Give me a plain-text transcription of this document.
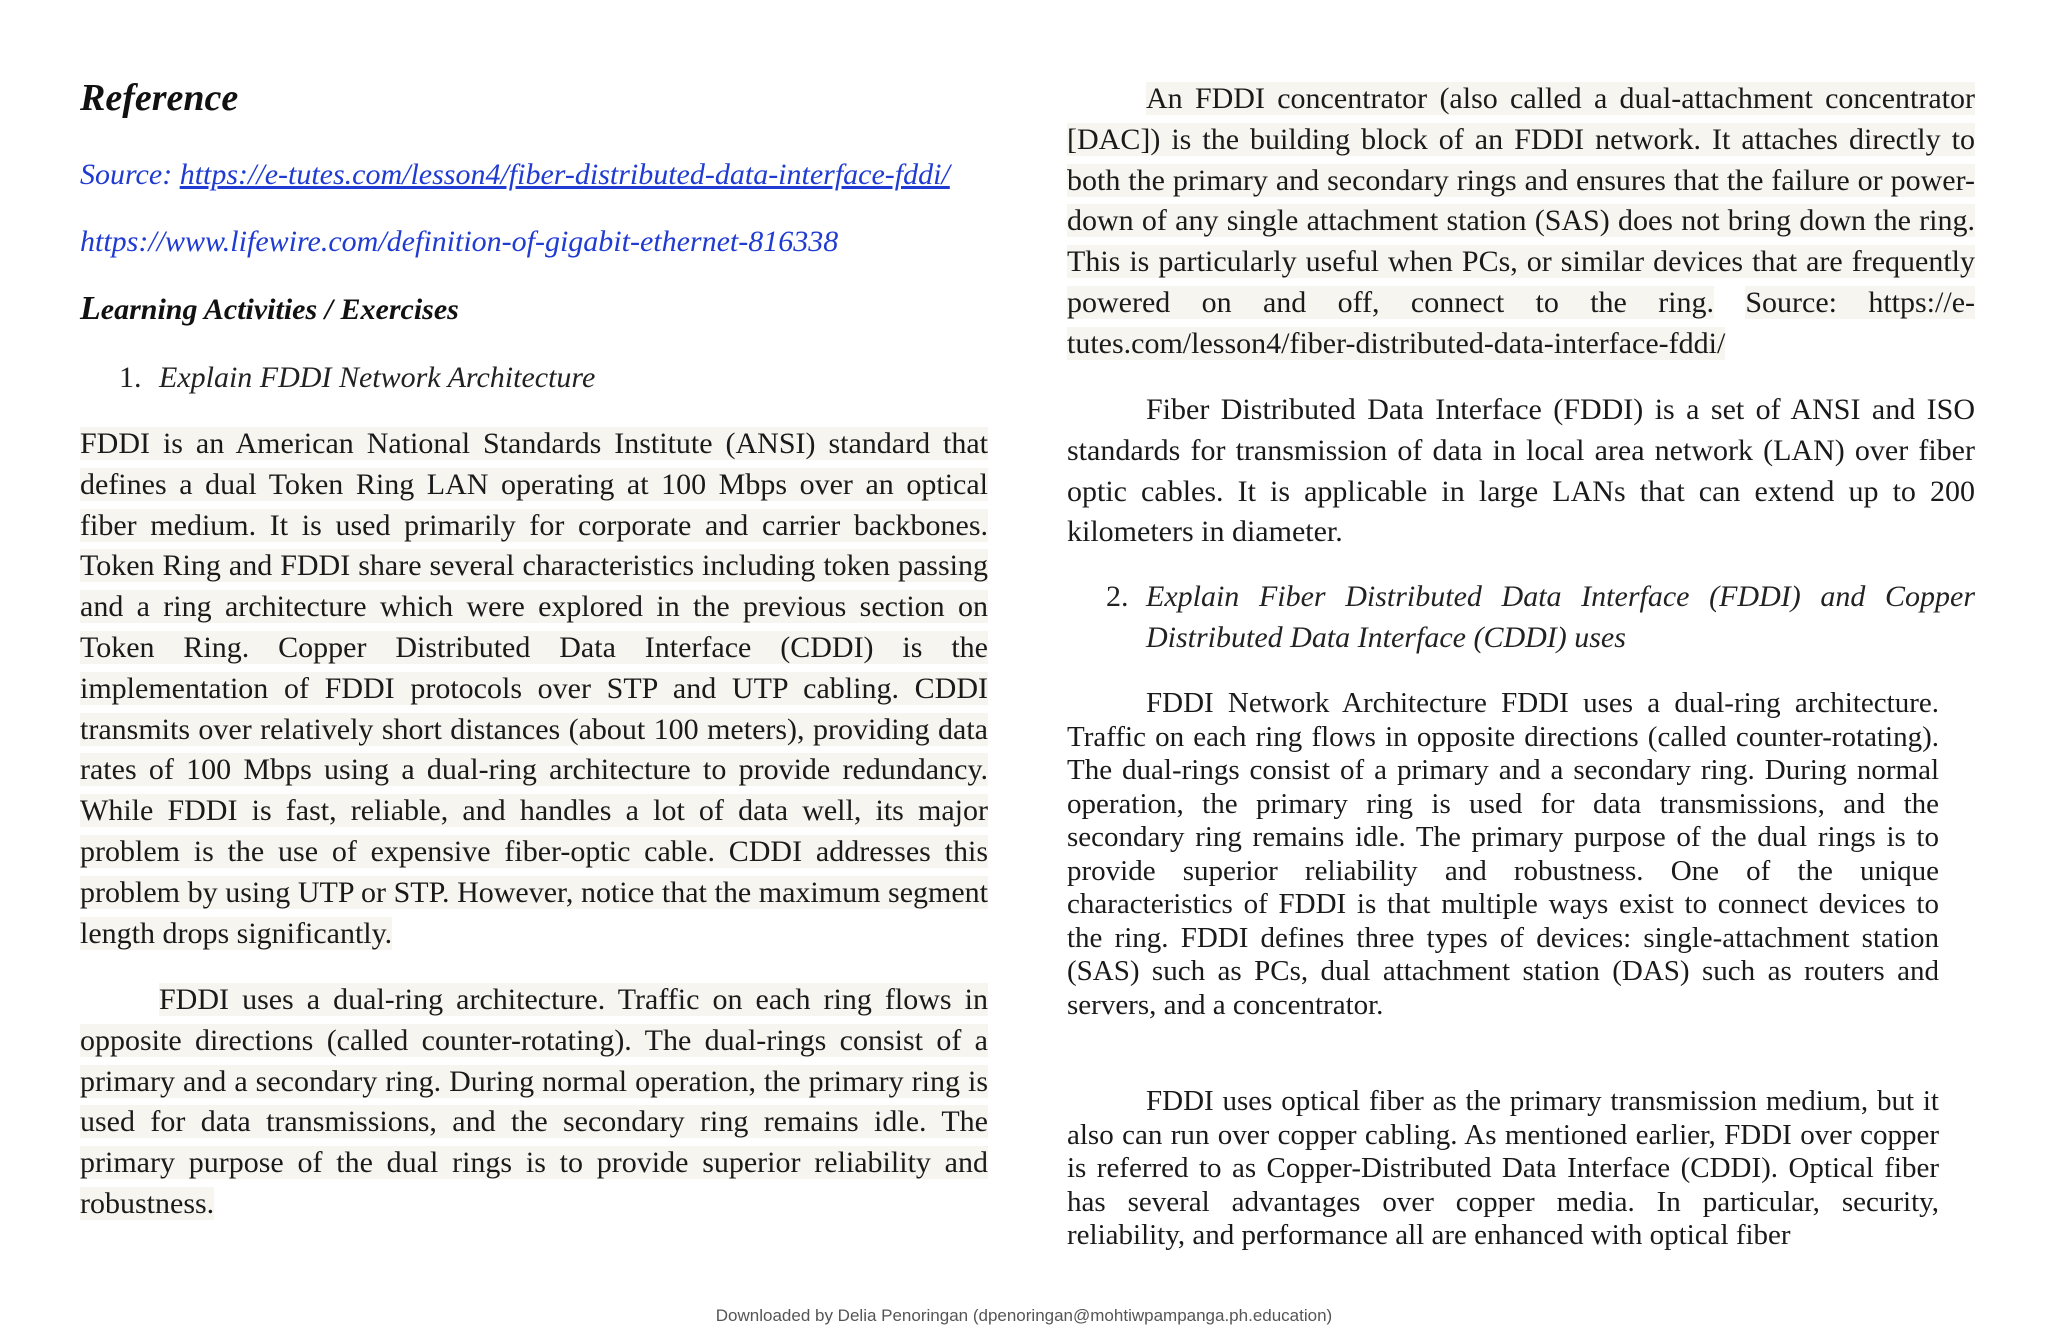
Reference
Source: https://e-tutes.com/lesson4/fiber-distributed-data-interface-fddi/
https://www.lifewire.com/definition-of-gigabit-ethernet-816338
Learning Activities / Exercises
1. Explain FDDI Network Architecture

FDDI is an American National Standards Institute (ANSI) standard that defines a dual Token Ring LAN operating at 100 Mbps over an optical fiber medium. It is used primarily for corporate and carrier backbones. Token Ring and FDDI share several characteristics including token passing and a ring architecture which were explored in the previous section on Token Ring. Copper Distributed Data Interface (CDDI) is the implementation of FDDI protocols over STP and UTP cabling. CDDI transmits over relatively short distances (about 100 meters), providing data rates of 100 Mbps using a dual-ring architecture to provide redundancy. While FDDI is fast, reliable, and handles a lot of data well, its major problem is the use of expensive fiber-optic cable. CDDI addresses this problem by using UTP or STP. However, notice that the maximum segment length drops significantly.

FDDI uses a dual-ring architecture. Traffic on each ring flows in opposite directions (called counter-rotating). The dual-rings consist of a primary and a secondary ring. During normal operation, the primary ring is used for data transmissions, and the secondary ring remains idle. The primary purpose of the dual rings is to provide superior reliability and robustness.

An FDDI concentrator (also called a dual-attachment concentrator [DAC]) is the building block of an FDDI network. It attaches directly to both the primary and secondary rings and ensures that the failure or power-down of any single attachment station (SAS) does not bring down the ring. This is particularly useful when PCs, or similar devices that are frequently powered on and off, connect to the ring. Source: https://e-tutes.com/lesson4/fiber-distributed-data-interface-fddi/

Fiber Distributed Data Interface (FDDI) is a set of ANSI and ISO standards for transmission of data in local area network (LAN) over fiber optic cables. It is applicable in large LANs that can extend up to 200 kilometers in diameter.

2. Explain Fiber Distributed Data Interface (FDDI) and Copper Distributed Data Interface (CDDI) uses

FDDI Network Architecture FDDI uses a dual-ring architecture. Traffic on each ring flows in opposite directions (called counter-rotating). The dual-rings consist of a primary and a secondary ring. During normal operation, the primary ring is used for data transmissions, and the secondary ring remains idle. The primary purpose of the dual rings is to provide superior reliability and robustness. One of the unique characteristics of FDDI is that multiple ways exist to connect devices to the ring. FDDI defines three types of devices: single-attachment station (SAS) such as PCs, dual attachment station (DAS) such as routers and servers, and a concentrator.

FDDI uses optical fiber as the primary transmission medium, but it also can run over copper cabling. As mentioned earlier, FDDI over copper is referred to as Copper-Distributed Data Interface (CDDI). Optical fiber has several advantages over copper media. In particular, security, reliability, and performance all are enhanced with optical fiber

Downloaded by Delia Penoringan (dpenoringan@mohtiwpampanga.ph.education)
